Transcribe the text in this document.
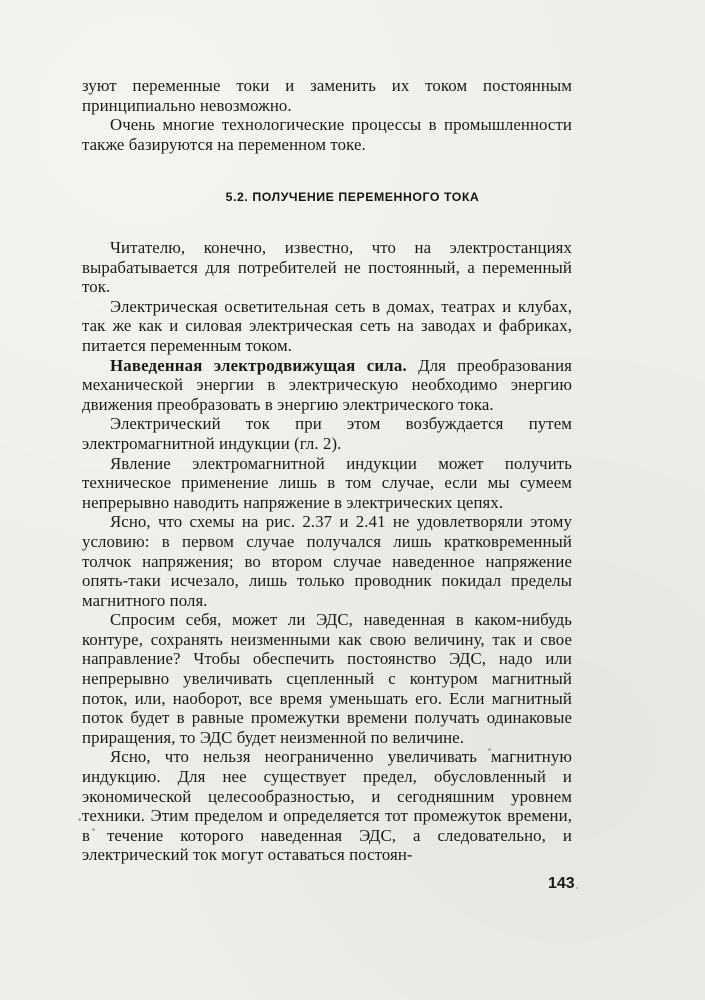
зуют переменные токи и заменить их током постоянным принципиально невозможно.

Очень многие технологические процессы в промышленности также базируются на переменном токе.

5.2. ПОЛУЧЕНИЕ ПЕРЕМЕННОГО ТОКА

Читателю, конечно, известно, что на электростанциях вырабатывается для потребителей не постоянный, а переменный ток.

Электрическая осветительная сеть в домах, театрах и клубах, так же как и силовая электрическая сеть на заводах и фабриках, питается переменным током.

Наведенная электродвижущая сила. Для преобразования механической энергии в электрическую необходимо энергию движения преобразовать в энергию электрического тока.

Электрический ток при этом возбуждается путем электромагнитной индукции (гл. 2).

Явление электромагнитной индукции может получить техническое применение лишь в том случае, если мы сумеем непрерывно наводить напряжение в электрических цепях.

Ясно, что схемы на рис. 2.37 и 2.41 не удовлетворяли этому условию: в первом случае получался лишь кратковременный толчок напряжения; во втором случае наведенное напряжение опять-таки исчезало, лишь только проводник покидал пределы магнитного поля.

Спросим себя, может ли ЭДС, наведенная в каком-нибудь контуре, сохранять неизменными как свою величину, так и свое направление? Чтобы обеспечить постоянство ЭДС, надо или непрерывно увеличивать сцепленный с контуром магнитный поток, или, наоборот, все время уменьшать его. Если магнитный поток будет в равные промежутки времени получать одинаковые приращения, то ЭДС будет неизменной по величине.

Ясно, что нельзя неограниченно увеличивать магнитную индукцию. Для нее существует предел, обусловленный и экономической целесообразностью, и сегодняшним уровнем техники. Этим пределом и определяется тот промежуток времени, в течение которого наведенная ЭДС, а следовательно, и электрический ток могут оставаться постоян-

143
